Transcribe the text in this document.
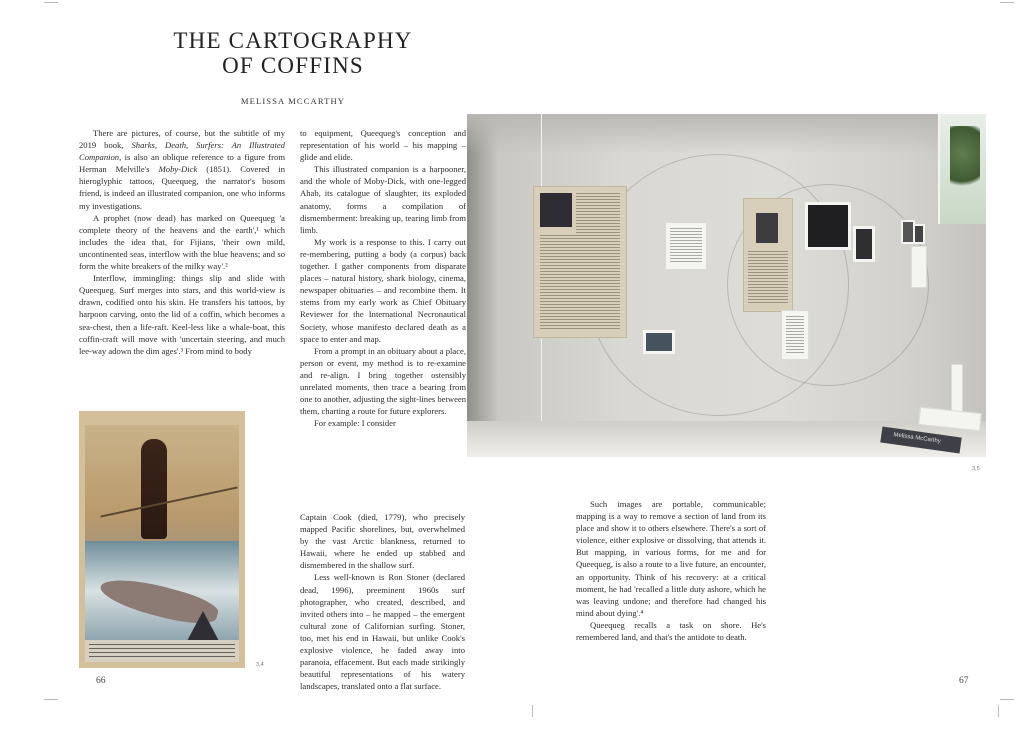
THE CARTOGRAPHY
OF COFFINS
MELISSA MCCARTHY

There are pictures, of course, but the subtitle of my 2019 book, Sharks, Death, Surfers: An Illustrated Companion, is also an oblique reference to a figure from Herman Melville's Moby-Dick (1851). Covered in hieroglyphic tattoos, Queequeg, the narrator's bosom friend, is indeed an illustrated companion, one who informs my investigations.

A prophet (now dead) has marked on Queequeg 'a complete theory of the heavens and the earth',¹ which includes the idea that, for Fijians, 'their own mild, uncontinented seas, interflow with the blue heavens; and so form the white breakers of the milky way'.²

Interflow, immingling: things slip and slide with Queequeg. Surf merges into stars, and this world-view is drawn, codified onto his skin. He transfers his tattoos, by harpoon carving, onto the lid of a coffin, which becomes a sea-chest, then a life-raft. Keel-less like a whale-boat, this coffin-craft will move with 'uncertain steering, and much lee-way adown the dim ages'.³ From mind to body

to equipment, Queequeg's conception and representation of his world – his mapping – glide and elide.

This illustrated companion is a harpooner, and the whole of Moby-Dick, with one-legged Ahab, its catalogue of slaughter, its exploded anatomy, forms a compilation of dismemberment: breaking up, tearing limb from limb.

My work is a response to this. I carry out re-membering, putting a body (a corpus) back together. I gather components from disparate places – natural history, shark biology, cinema, newspaper obituaries – and recombine them. It stems from my early work as Chief Obituary Reviewer for the International Necronautical Society, whose manifesto declared death as a space to enter and map.

From a prompt in an obituary about a place, person or event, my method is to re-examine and re-align. I bring together ostensibly unrelated moments, then trace a bearing from one to another, adjusting the sight-lines between them, charting a route for future explorers.

For example: I consider

Captain Cook (died, 1779), who precisely mapped Pacific shorelines, but, overwhelmed by the vast Arctic blankness, returned to Hawaii, where he ended up stabbed and dismembered in the shallow surf.

Less well-known is Ron Stoner (declared dead, 1996), preeminent 1960s surf photographer, who created, described, and invited others into – he mapped – the emergent cultural zone of Californian surfing. Stoner, too, met his end in Hawaii, but unlike Cook's explosive violence, he faded away into paranoia, effacement. But each made strikingly beautiful representations of his watery landscapes, translated onto a flat surface.

Such images are portable, communicable; mapping is a way to remove a section of land from its place and show it to others elsewhere. There's a sort of violence, either explosive or dissolving, that attends it. But mapping, in various forms, for me and for Queequeg, is also a route to a live future, an encounter, an opportunity. Think of his recovery: at a critical moment, he had 'recalled a little duty ashore, which he was leaving undone; and therefore had changed his mind about dying'.⁴

Queequeg recalls a task on shore. He's remembered land, and that's the antidote to death.

Melissa McCarthy
3,5
3,4
66	67
